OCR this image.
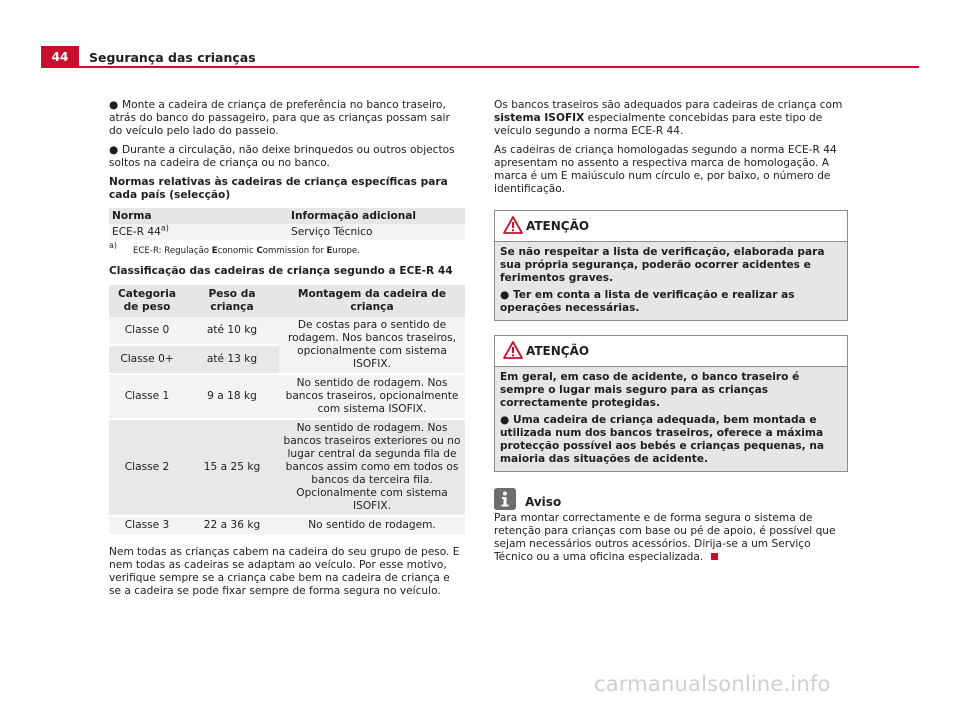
44	Segurança das crianças

● Monte a cadeira de criança de preferência no banco traseiro, atrás do banco do passageiro, para que as crianças possam sair do veículo pelo lado do passeio.

● Durante a circulação, não deixe brinquedos ou outros objectos soltos na cadeira de criança ou no banco.

Normas relativas às cadeiras de criança específicas para cada país (selecção)

Norma	Informação adicional
ECE-R 44$^{a)}$	Serviço Técnico
a)
ECE-R: Regulação Economic Commission for Europe.

Classificação das cadeiras de criança segundo a ECE-R 44

Categoria de peso	Peso da criança	Montagem da cadeira de criança
Classe 0	até 10 kg	De costas para o sentido de rodagem. Nos bancos traseiros, opcionalmente com sistema ISOFIX.
Classe 0+	até 13 kg	
Classe 1	9 a 18 kg	No sentido de rodagem. Nos bancos traseiros, opcionalmente com sistema ISOFIX.
Classe 2	15 a 25 kg	No sentido de rodagem. Nos bancos traseiros exteriores ou no lugar central da segunda fila de bancos assim como em todos os bancos da terceira fila. Opcionalmente com sistema ISOFIX.
Classe 3	22 a 36 kg	No sentido de rodagem.

Nem todas as crianças cabem na cadeira do seu grupo de peso. E nem todas as cadeiras se adaptam ao veículo. Por esse motivo, verifique sempre se a criança cabe bem na cadeira de criança e se a cadeira se pode fixar sempre de forma segura no veículo.

Os bancos traseiros são adequados para cadeiras de criança com sistema ISOFIX especialmente concebidas para este tipo de veículo segundo a norma ECE-R 44.

As cadeiras de criança homologadas segundo a norma ECE-R 44 apresentam no assento a respectiva marca de homologação. A marca é um E maiúsculo num círculo e, por baixo, o número de identificação.

ATENÇÃO

Se não respeitar a lista de verificação, elaborada para sua própria segurança, poderão ocorrer acidentes e ferimentos graves.

● Ter em conta a lista de verificação e realizar as operações necessárias.

ATENÇÃO

Em geral, em caso de acidente, o banco traseiro é sempre o lugar mais seguro para as crianças correctamente protegidas.

● Uma cadeira de criança adequada, bem montada e utilizada num dos bancos traseiros, oferece a máxima protecção possível aos bebés e crianças pequenas, na maioria das situações de acidente.

Aviso

Para montar correctamente e de forma segura o sistema de retenção para crianças com base ou pé de apoio, é possível que sejam necessários outros acessórios. Dirija-se a um Serviço Técnico ou a uma oficina especializada.

carmanualsonline.info
